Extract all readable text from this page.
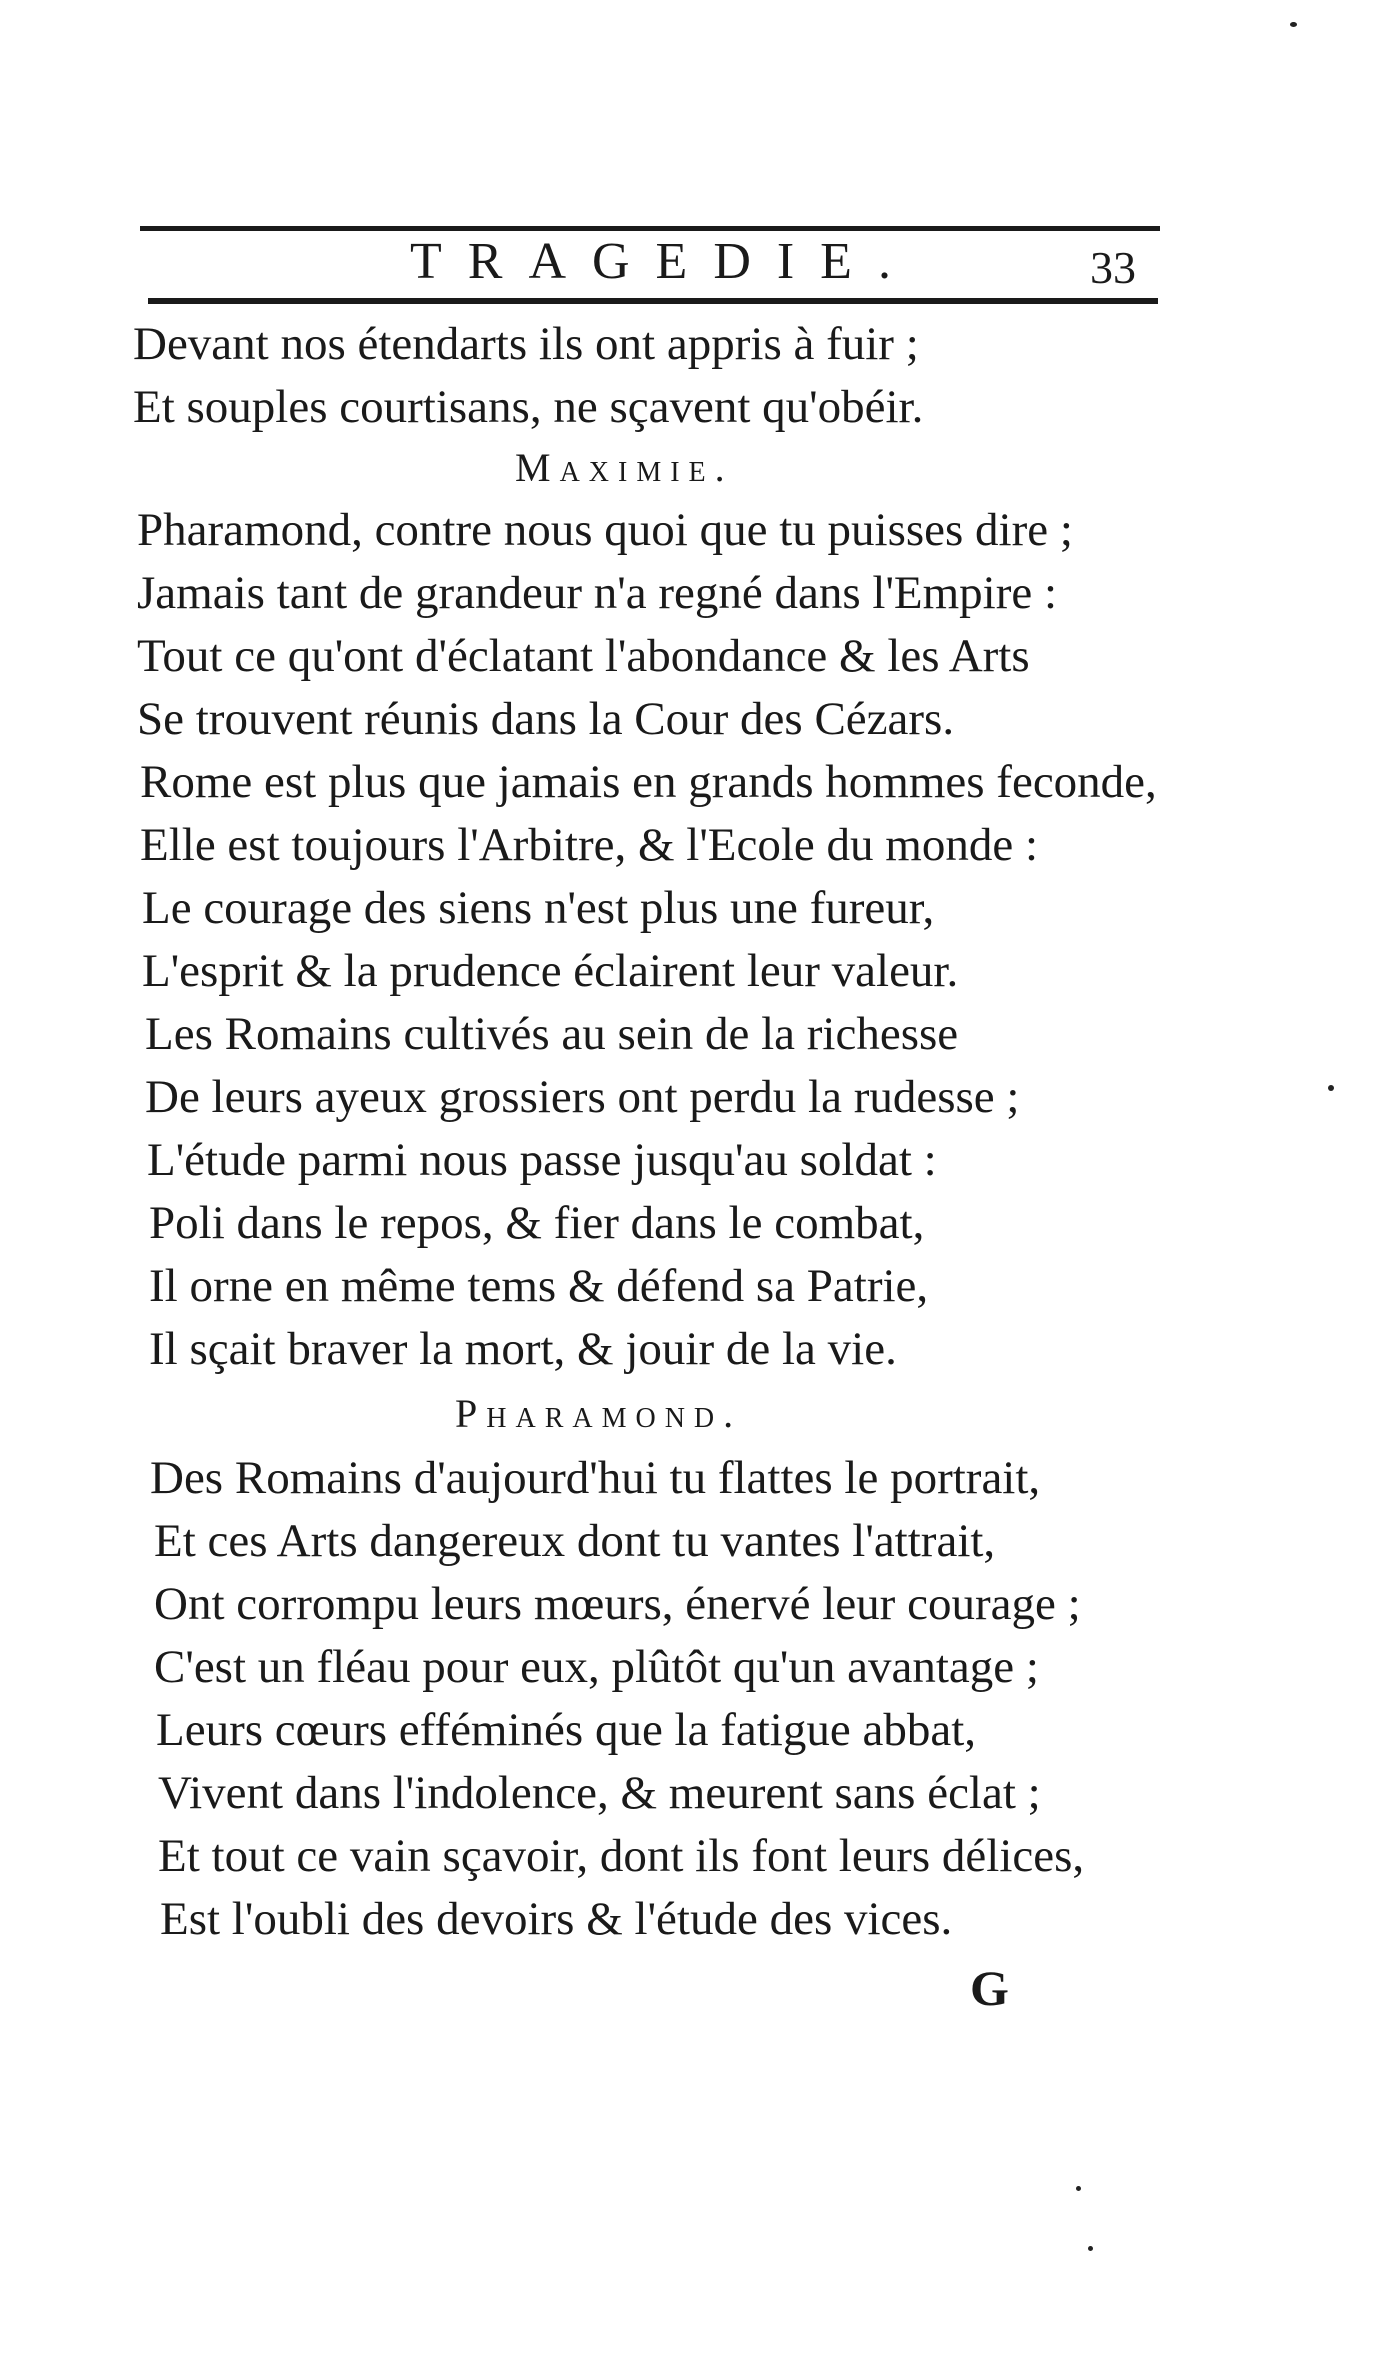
TRAGEDIE.	33
Devant nos étendarts ils ont appris à fuir ;
Et souples courtisans, ne sçavent qu'obéir.
Maximie.
Pharamond, contre nous quoi que tu puisses dire ;
Jamais tant de grandeur n'a regné dans l'Empire :
Tout ce qu'ont d'éclatant l'abondance & les Arts
Se trouvent réunis dans la Cour des Cézars.
Rome est plus que jamais en grands hommes feconde,
Elle est toujours l'Arbitre, & l'Ecole du monde :
Le courage des siens n'est plus une fureur,
L'esprit & la prudence éclairent leur valeur.
Les Romains cultivés au sein de la richesse
De leurs ayeux grossiers ont perdu la rudesse ;
L'étude parmi nous passe jusqu'au soldat :
Poli dans le repos, & fier dans le combat,
Il orne en même tems & défend sa Patrie,
Il sçait braver la mort, & jouir de la vie.
Pharamond.
Des Romains d'aujourd'hui tu flattes le portrait,
Et ces Arts dangereux dont tu vantes l'attrait,
Ont corrompu leurs mœurs, énervé leur courage ;
C'est un fléau pour eux, plûtôt qu'un avantage ;
Leurs cœurs efféminés que la fatigue abbat,
Vivent dans l'indolence, & meurent sans éclat ;
Et tout ce vain sçavoir, dont ils font leurs délices,
Est l'oubli des devoirs & l'étude des vices.
G
